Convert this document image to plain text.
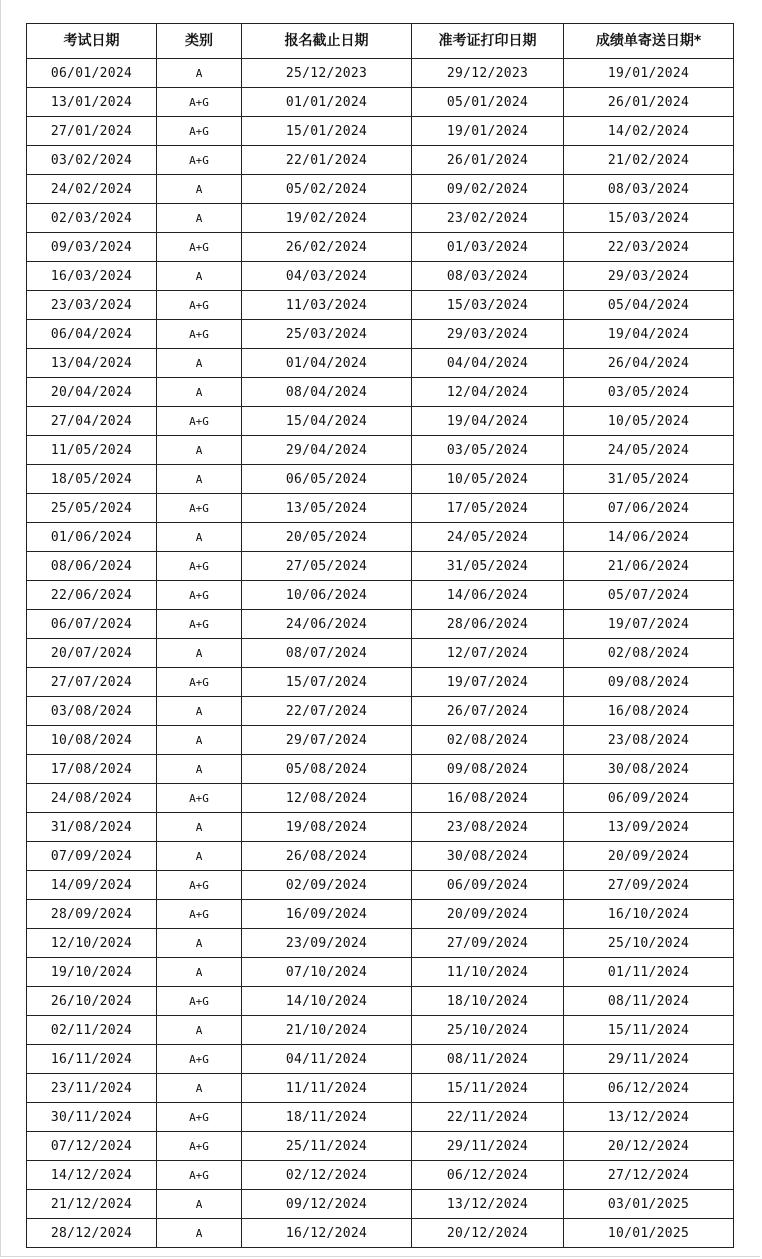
考试日期	类别	报名截止日期	准考证打印日期	成绩单寄送日期*
06/01/2024	A	25/12/2023	29/12/2023	19/01/2024
13/01/2024	A+G	01/01/2024	05/01/2024	26/01/2024
27/01/2024	A+G	15/01/2024	19/01/2024	14/02/2024
03/02/2024	A+G	22/01/2024	26/01/2024	21/02/2024
24/02/2024	A	05/02/2024	09/02/2024	08/03/2024
02/03/2024	A	19/02/2024	23/02/2024	15/03/2024
09/03/2024	A+G	26/02/2024	01/03/2024	22/03/2024
16/03/2024	A	04/03/2024	08/03/2024	29/03/2024
23/03/2024	A+G	11/03/2024	15/03/2024	05/04/2024
06/04/2024	A+G	25/03/2024	29/03/2024	19/04/2024
13/04/2024	A	01/04/2024	04/04/2024	26/04/2024
20/04/2024	A	08/04/2024	12/04/2024	03/05/2024
27/04/2024	A+G	15/04/2024	19/04/2024	10/05/2024
11/05/2024	A	29/04/2024	03/05/2024	24/05/2024
18/05/2024	A	06/05/2024	10/05/2024	31/05/2024
25/05/2024	A+G	13/05/2024	17/05/2024	07/06/2024
01/06/2024	A	20/05/2024	24/05/2024	14/06/2024
08/06/2024	A+G	27/05/2024	31/05/2024	21/06/2024
22/06/2024	A+G	10/06/2024	14/06/2024	05/07/2024
06/07/2024	A+G	24/06/2024	28/06/2024	19/07/2024
20/07/2024	A	08/07/2024	12/07/2024	02/08/2024
27/07/2024	A+G	15/07/2024	19/07/2024	09/08/2024
03/08/2024	A	22/07/2024	26/07/2024	16/08/2024
10/08/2024	A	29/07/2024	02/08/2024	23/08/2024
17/08/2024	A	05/08/2024	09/08/2024	30/08/2024
24/08/2024	A+G	12/08/2024	16/08/2024	06/09/2024
31/08/2024	A	19/08/2024	23/08/2024	13/09/2024
07/09/2024	A	26/08/2024	30/08/2024	20/09/2024
14/09/2024	A+G	02/09/2024	06/09/2024	27/09/2024
28/09/2024	A+G	16/09/2024	20/09/2024	16/10/2024
12/10/2024	A	23/09/2024	27/09/2024	25/10/2024
19/10/2024	A	07/10/2024	11/10/2024	01/11/2024
26/10/2024	A+G	14/10/2024	18/10/2024	08/11/2024
02/11/2024	A	21/10/2024	25/10/2024	15/11/2024
16/11/2024	A+G	04/11/2024	08/11/2024	29/11/2024
23/11/2024	A	11/11/2024	15/11/2024	06/12/2024
30/11/2024	A+G	18/11/2024	22/11/2024	13/12/2024
07/12/2024	A+G	25/11/2024	29/11/2024	20/12/2024
14/12/2024	A+G	02/12/2024	06/12/2024	27/12/2024
21/12/2024	A	09/12/2024	13/12/2024	03/01/2025
28/12/2024	A	16/12/2024	20/12/2024	10/01/2025
